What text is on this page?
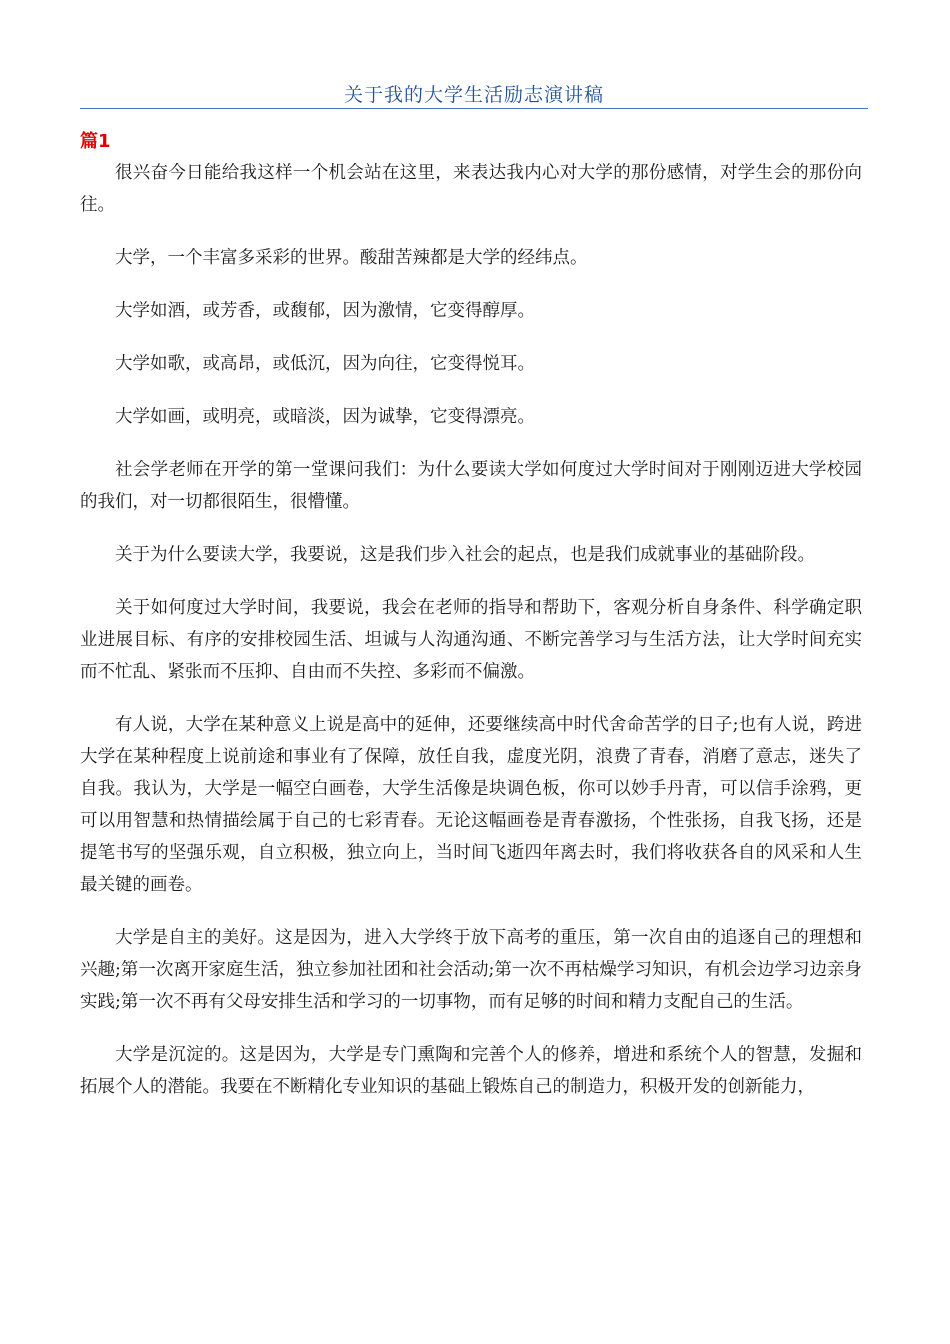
关于我的大学生活励志演讲稿
篇1

很兴奋今日能给我这样一个机会站在这里，来表达我内心对大学的那份感情，对学生会的那份向往。

大学，一个丰富多采彩的世界。酸甜苦辣都是大学的经纬点。

大学如酒，或芳香，或馥郁，因为激情，它变得醇厚。

大学如歌，或高昂，或低沉，因为向往，它变得悦耳。

大学如画，或明亮，或暗淡，因为诚挚，它变得漂亮。

社会学老师在开学的第一堂课问我们：为什么要读大学如何度过大学时间对于刚刚迈进大学校园的我们，对一切都很陌生，很懵懂。

关于为什么要读大学，我要说，这是我们步入社会的起点，也是我们成就事业的基础阶段。

关于如何度过大学时间，我要说，我会在老师的指导和帮助下，客观分析自身条件、科学确定职业进展目标、有序的安排校园生活、坦诚与人沟通沟通、不断完善学习与生活方法，让大学时间充实而不忙乱、紧张而不压抑、自由而不失控、多彩而不偏激。

有人说，大学在某种意义上说是高中的延伸，还要继续高中时代舍命苦学的日子;也有人说，跨进大学在某种程度上说前途和事业有了保障，放任自我，虚度光阴，浪费了青春，消磨了意志，迷失了自我。我认为，大学是一幅空白画卷，大学生活像是块调色板，你可以妙手丹青，可以信手涂鸦，更可以用智慧和热情描绘属于自己的七彩青春。无论这幅画卷是青春激扬，个性张扬，自我飞扬，还是提笔书写的坚强乐观，自立积极，独立向上，当时间飞逝四年离去时，我们将收获各自的风采和人生最关键的画卷。

大学是自主的美好。这是因为，进入大学终于放下高考的重压，第一次自由的追逐自己的理想和兴趣;第一次离开家庭生活，独立参加社团和社会活动;第一次不再枯燥学习知识，有机会边学习边亲身实践;第一次不再有父母安排生活和学习的一切事物，而有足够的时间和精力支配自己的生活。

大学是沉淀的。这是因为，大学是专门熏陶和完善个人的修养，增进和系统个人的智慧，发掘和拓展个人的潜能。我要在不断精化专业知识的基础上锻炼自己的制造力，积极开发的创新能力，
